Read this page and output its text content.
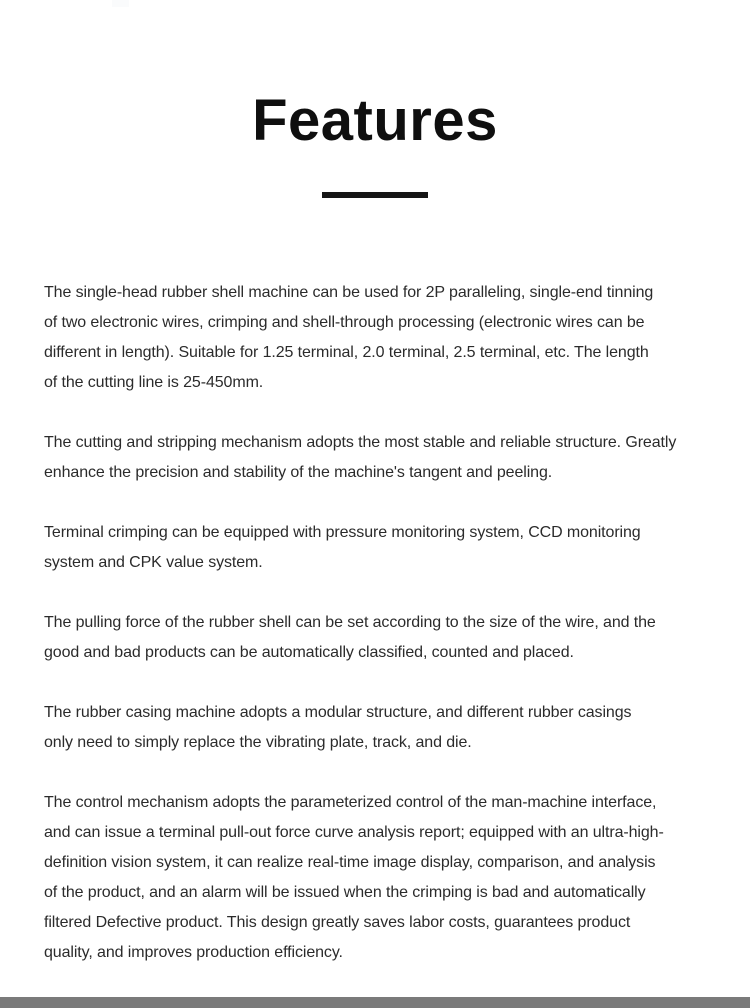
Features
The single-head rubber shell machine can be used for 2P paralleling, single-end tinning
of two electronic wires, crimping and shell-through processing (electronic wires can be
different in length). Suitable for 1.25 terminal, 2.0 terminal, 2.5 terminal, etc. The length
of the cutting line is 25-450mm.
The cutting and stripping mechanism adopts the most stable and reliable structure. Greatly
enhance the precision and stability of the machine's tangent and peeling.
Terminal crimping can be equipped with pressure monitoring system, CCD monitoring
system and CPK value system.
The pulling force of the rubber shell can be set according to the size of the wire, and the
good and bad products can be automatically classified, counted and placed.
The rubber casing machine adopts a modular structure, and different rubber casings
only need to simply replace the vibrating plate, track, and die.
The control mechanism adopts the parameterized control of the man-machine interface,
and can issue a terminal pull-out force curve analysis report; equipped with an ultra-high-
definition vision system, it can realize real-time image display, comparison, and analysis
of the product, and an alarm will be issued when the crimping is bad and automatically
filtered Defective product. This design greatly saves labor costs, guarantees product
quality, and improves production efficiency.
